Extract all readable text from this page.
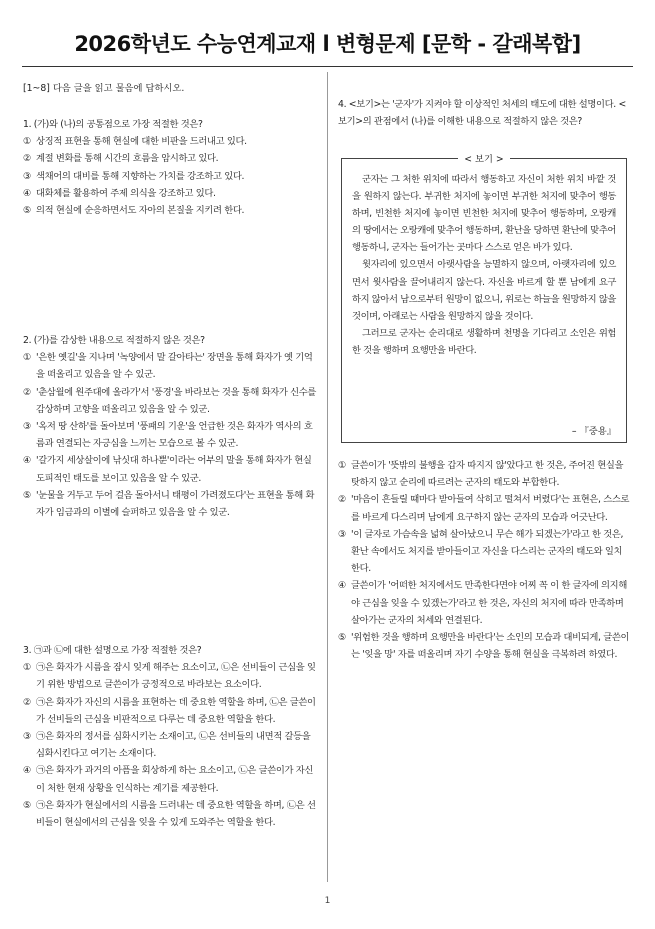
2026학년도 수능연계교재 l 변형문제 [문학 - 갈래복합]
[1~8] 다음 글을 읽고 물음에 답하시오.
1. (가)와 (나)의 공통점으로 가장 적절한 것은?
① 상징적 표현을 통해 현실에 대한 비판을 드러내고 있다.
② 계절 변화를 통해 시간의 흐름을 암시하고 있다.
③ 색채어의 대비를 통해 지향하는 가치를 강조하고 있다.
④ 대화체를 활용하여 주제 의식을 강조하고 있다.
⑤ 의적 현실에 순응하면서도 자아의 본질을 지키려 한다.
2. (가)를 감상한 내용으로 적절하지 않은 것은?
① '은한 옛길'을 지나며 '녹양에서 말 갈아타는' 장면을 통해 화자가 옛 기억을 떠올리고 있음을 알 수 있군.
② '춘삼월에 원주대에 올라가'서 '풍경'을 바라보는 것을 통해 화자가 신수를 감상하며 고향을 떠올리고 있음을 알 수 있군.
③ '옥저 땅 산하'를 돌아보며 '풍패의 기운'을 언급한 것은 화자가 역사의 흐름과 연결되는 자긍심을 느끼는 모습으로 볼 수 있군.
④ '갈가지 세상살이에 낚싯대 하나뿐'이라는 어부의 말을 통해 화자가 현실 도피적인 태도를 보이고 있음을 알 수 있군.
⑤ '눈물을 거두고 두어 걸음 돌아서니 태평이 가려졌도다'는 표현을 통해 화자가 임금과의 이별에 슬퍼하고 있음을 알 수 있군.
3. ㉠과 ㉡에 대한 설명으로 가장 적절한 것은?
① ㉠은 화자가 시름을 잠시 잊게 해주는 요소이고, ㉡은 선비들이 근심을 잊기 위한 방법으로 글쓴이가 긍정적으로 바라보는 요소이다.
② ㉠은 화자가 자신의 시름을 표현하는 데 중요한 역할을 하며, ㉡은 글쓴이가 선비들의 근심을 비판적으로 다루는 데 중요한 역할을 한다.
③ ㉠은 화자의 정서를 심화시키는 소재이고, ㉡은 선비들의 내면적 갈등을 심화시킨다고 여기는 소재이다.
④ ㉠은 화자가 과거의 아픔을 회상하게 하는 요소이고, ㉡은 글쓴이가 자신이 처한 현재 상황을 인식하는 계기를 제공한다.
⑤ ㉠은 화자가 현실에서의 시름을 드러내는 데 중요한 역할을 하며, ㉡은 선비들이 현실에서의 근심을 잊을 수 있게 도와주는 역할을 한다.
4. <보기>는 '군자'가 지켜야 할 이상적인 처세의 태도에 대한 설명이다. <보기>의 관점에서 (나)를 이해한 내용으로 적절하지 않은 것은?
< 보기 >

군자는 그 처한 위치에 따라서 행동하고 자신이 처한 위치 바깥 것을 원하지 않는다. 부귀한 처지에 놓이면 부귀한 처지에 맞추어 행동하며, 빈천한 처지에 놓이면 빈천한 처지에 맞추어 행동하며, 오랑캐의 땅에서는 오랑캐에 맞추어 행동하며, 환난을 당하면 환난에 맞추어 행동하니, 군자는 들어가는 곳마다 스스로 얻은 바가 있다.

윗자리에 있으면서 아랫사람을 능멸하지 않으며, 아랫자리에 있으면서 윗사람을 끌어내리지 않는다. 자신을 바르게 할 뿐 남에게 요구하지 않아서 남으로부터 원망이 없으니, 위로는 하늘을 원망하지 않을 것이며, 아래로는 사람을 원망하지 않을 것이다.

그러므로 군자는 순리대로 생활하며 천명을 기다리고 소인은 위험한 것을 행하며 요행만을 바란다.

– 『중용』
① 글쓴이가 '뜻밖의 불행을 갑자 따지지 않'았다고 한 것은, 주어진 현실을 탓하지 않고 순리에 따르려는 군자의 태도와 부합한다.
② '마음이 흔들릴 때마다 받아들여 삭히고 떨쳐서 버렸다'는 표현은, 스스로를 바르게 다스리며 남에게 요구하지 않는 군자의 모습과 어긋난다.
③ '이 글자로 가슴속을 넓혀 살아났으니 무슨 해가 되겠는가'라고 한 것은, 환난 속에서도 처지를 받아들이고 자신을 다스리는 군자의 태도와 일치한다.
④ 글쓴이가 '어떠한 처지에서도 만족한다면야 어찌 꼭 이 한 글자에 의지해야 근심을 잊을 수 있겠는가'라고 한 것은, 자신의 처지에 따라 만족하며 살아가는 군자의 처세와 연결된다.
⑤ '위험한 것을 행하며 요행만을 바란다'는 소인의 모습과 대비되게, 글쓴이는 '잊을 망' 자를 떠올리며 자기 수양을 통해 현실을 극복하려 하였다.
1
